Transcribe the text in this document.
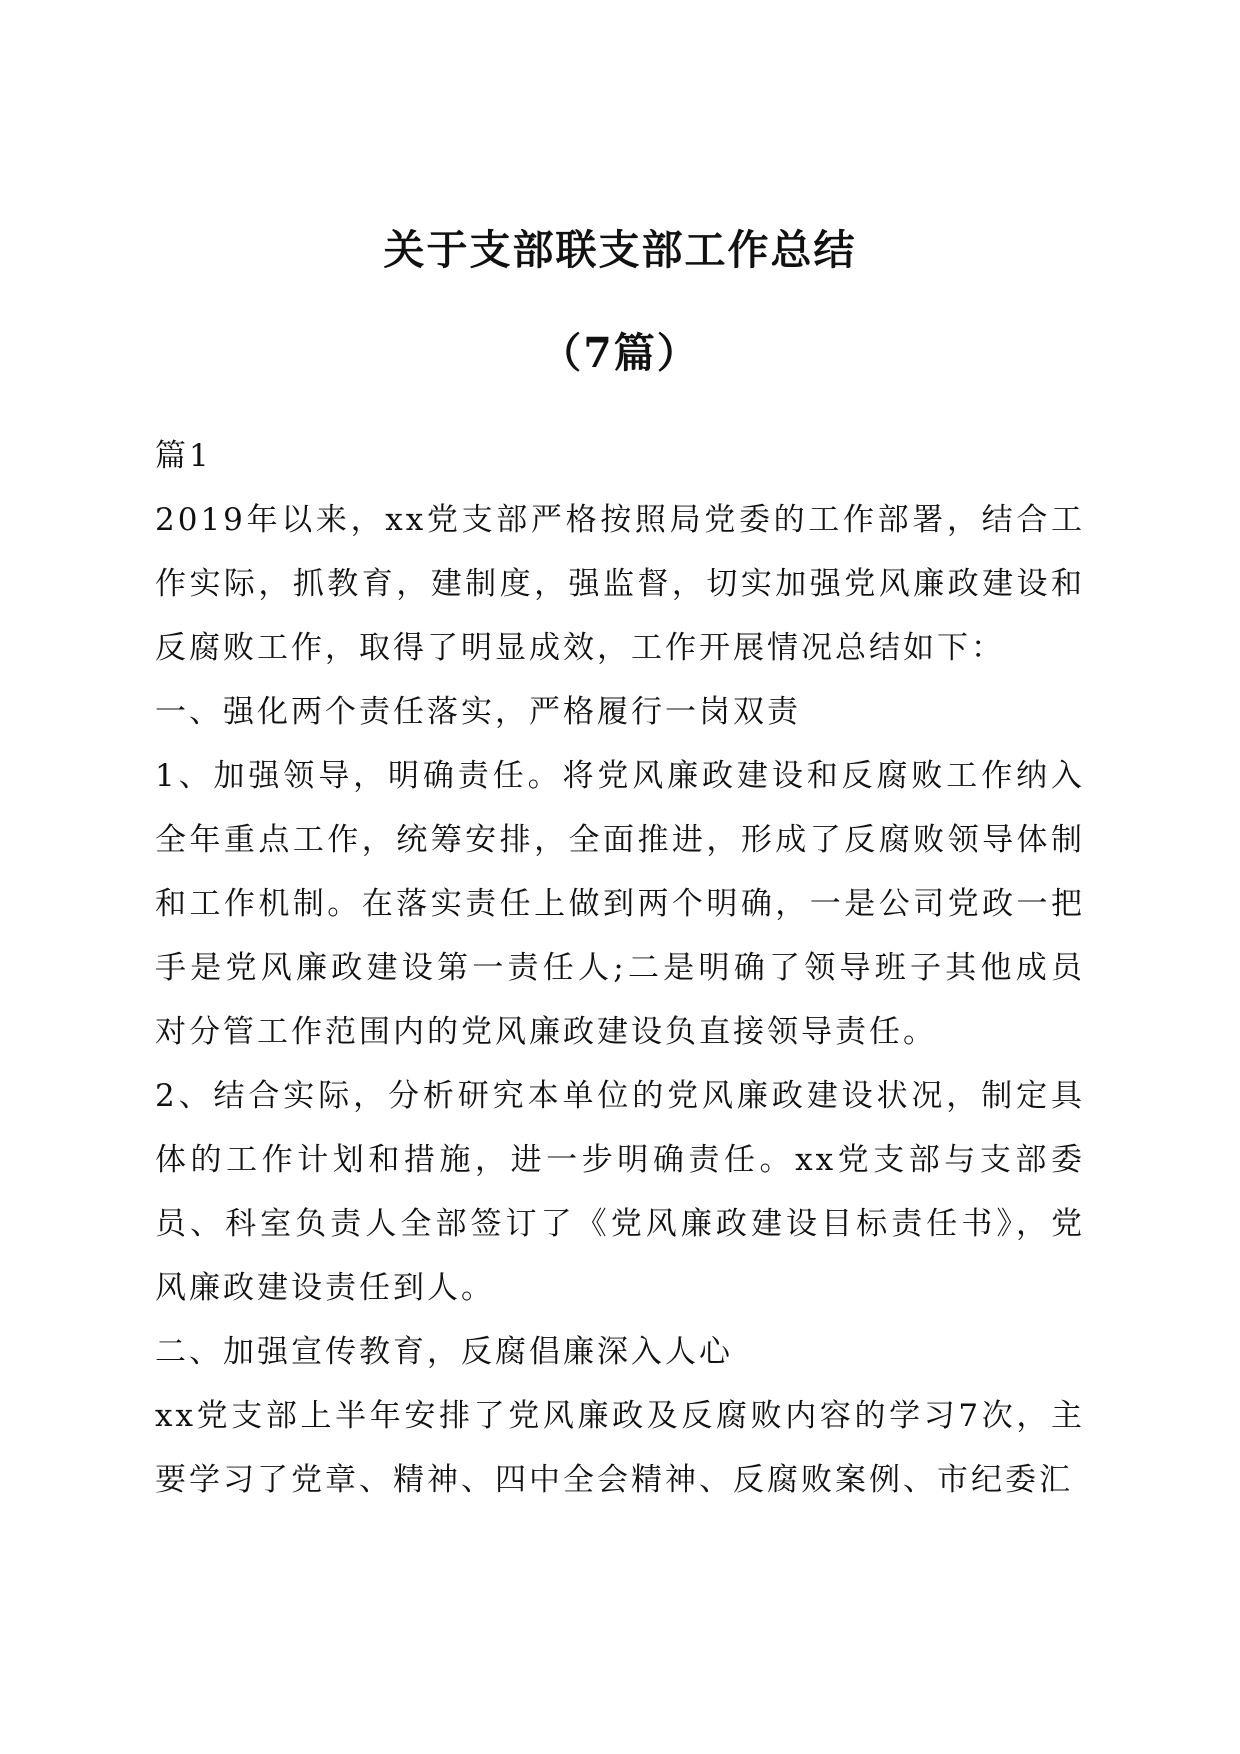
关于支部联支部工作总结
（7篇）

篇1

2019年以来，xx党支部严格按照局党委的工作部署，结合工作实际，抓教育，建制度，强监督，切实加强党风廉政建设和反腐败工作，取得了明显成效，工作开展情况总结如下：

一、强化两个责任落实，严格履行一岗双责

1、加强领导，明确责任。将党风廉政建设和反腐败工作纳入全年重点工作，统筹安排，全面推进，形成了反腐败领导体制和工作机制。在落实责任上做到两个明确，一是公司党政一把手是党风廉政建设第一责任人;二是明确了领导班子其他成员对分管工作范围内的党风廉政建设负直接领导责任。

2、结合实际，分析研究本单位的党风廉政建设状况，制定具体的工作计划和措施，进一步明确责任。xx党支部与支部委员、科室负责人全部签订了《党风廉政建设目标责任书》，党风廉政建设责任到人。

二、加强宣传教育，反腐倡廉深入人心

xx党支部上半年安排了党风廉政及反腐败内容的学习7次，主要学习了党章、精神、四中全会精神、反腐败案例、市纪委汇
